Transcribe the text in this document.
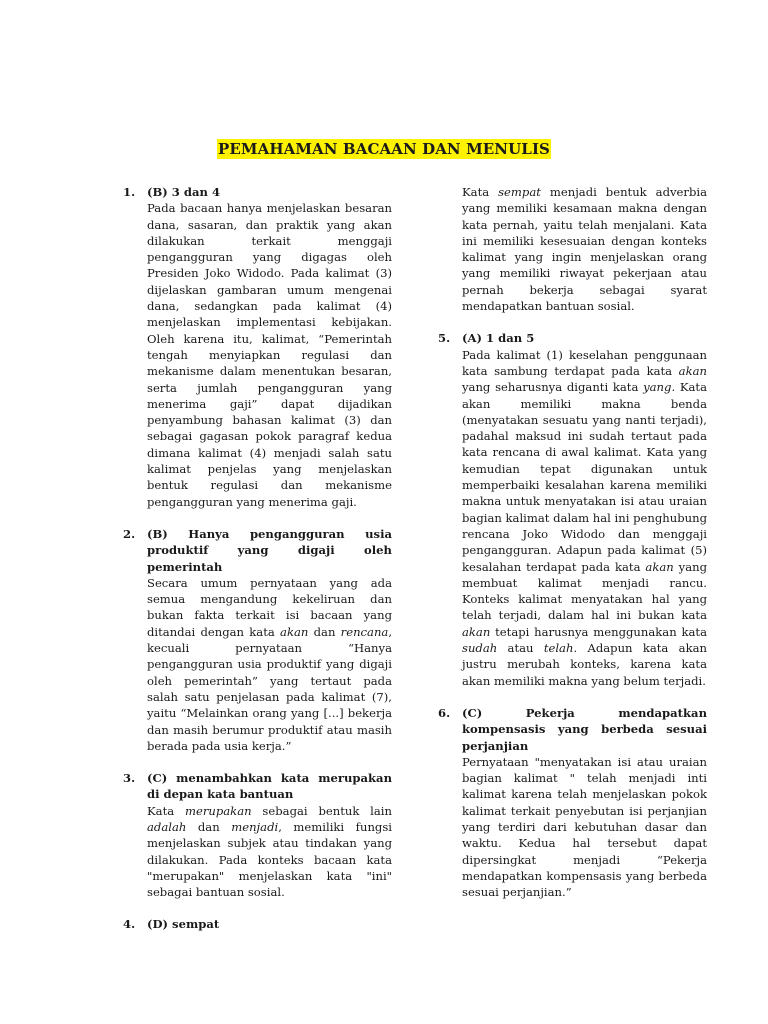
PEMAHAMAN BACAAN DAN MENULIS
1. (B) 3 dan 4
Pada bacaan hanya menjelaskan besaran dana, sasaran, dan praktik yang akan dilakukan terkait menggaji pengangguran yang digagas oleh Presiden Joko Widodo. Pada kalimat (3) dijelaskan gambaran umum mengenai dana, sedangkan pada kalimat (4) menjelaskan implementasi kebijakan. Oleh karena itu, kalimat, “Pemerintah tengah menyiapkan regulasi dan mekanisme dalam menentukan besaran, serta jumlah pengangguran yang menerima gaji” dapat dijadikan penyambung bahasan kalimat (3) dan sebagai gagasan pokok paragraf kedua dimana kalimat (4) menjadi salah satu kalimat penjelas yang menjelaskan bentuk regulasi dan mekanisme pengangguran yang menerima gaji.
2. (B) Hanya pengangguran usia produktif yang digaji oleh pemerintah
Secara umum pernyataan yang ada semua mengandung kekeliruan dan bukan fakta terkait isi bacaan yang ditandai dengan kata akan dan rencana, kecuali pernyataan “Hanya pengangguran usia produktif yang digaji oleh pemerintah” yang tertaut pada salah satu penjelasan pada kalimat (7), yaitu “Melainkan orang yang [...] bekerja dan masih berumur produktif atau masih berada pada usia kerja.”
3. (C) menambahkan kata merupakan di depan kata bantuan
Kata merupakan sebagai bentuk lain adalah dan menjadi, memiliki fungsi menjelaskan subjek atau tindakan yang dilakukan. Pada konteks bacaan kata "merupakan" menjelaskan kata "ini" sebagai bantuan sosial.
4. (D) sempat
Kata sempat menjadi bentuk adverbia yang memiliki kesamaan makna dengan kata pernah, yaitu telah menjalani. Kata ini memiliki kesesuaian dengan konteks kalimat yang ingin menjelaskan orang yang memiliki riwayat pekerjaan atau pernah bekerja sebagai syarat mendapatkan bantuan sosial.
5. (A) 1 dan 5
Pada kalimat (1) keselahan penggunaan kata sambung terdapat pada kata akan yang seharusnya diganti kata yang. Kata akan memiliki makna benda (menyatakan sesuatu yang nanti terjadi), padahal maksud ini sudah tertaut pada kata rencana di awal kalimat. Kata yang kemudian tepat digunakan untuk memperbaiki kesalahan karena memiliki makna untuk menyatakan isi atau uraian bagian kalimat dalam hal ini penghubung rencana Joko Widodo dan menggaji pengangguran. Adapun pada kalimat (5) kesalahan terdapat pada kata akan yang membuat kalimat menjadi rancu. Konteks kalimat menyatakan hal yang telah terjadi, dalam hal ini bukan kata akan tetapi harusnya menggunakan kata sudah atau telah. Adapun kata akan justru merubah konteks, karena kata akan memiliki makna yang belum terjadi.
6. (C) Pekerja mendapatkan kompensasis yang berbeda sesuai perjanjian
Pernyataan "menyatakan isi atau uraian bagian kalimat " telah menjadi inti kalimat karena telah menjelaskan pokok kalimat terkait penyebutan isi perjanjian yang terdiri dari kebutuhan dasar dan waktu. Kedua hal tersebut dapat dipersingkat menjadi “Pekerja mendapatkan kompensasis yang berbeda sesuai perjanjian.”
